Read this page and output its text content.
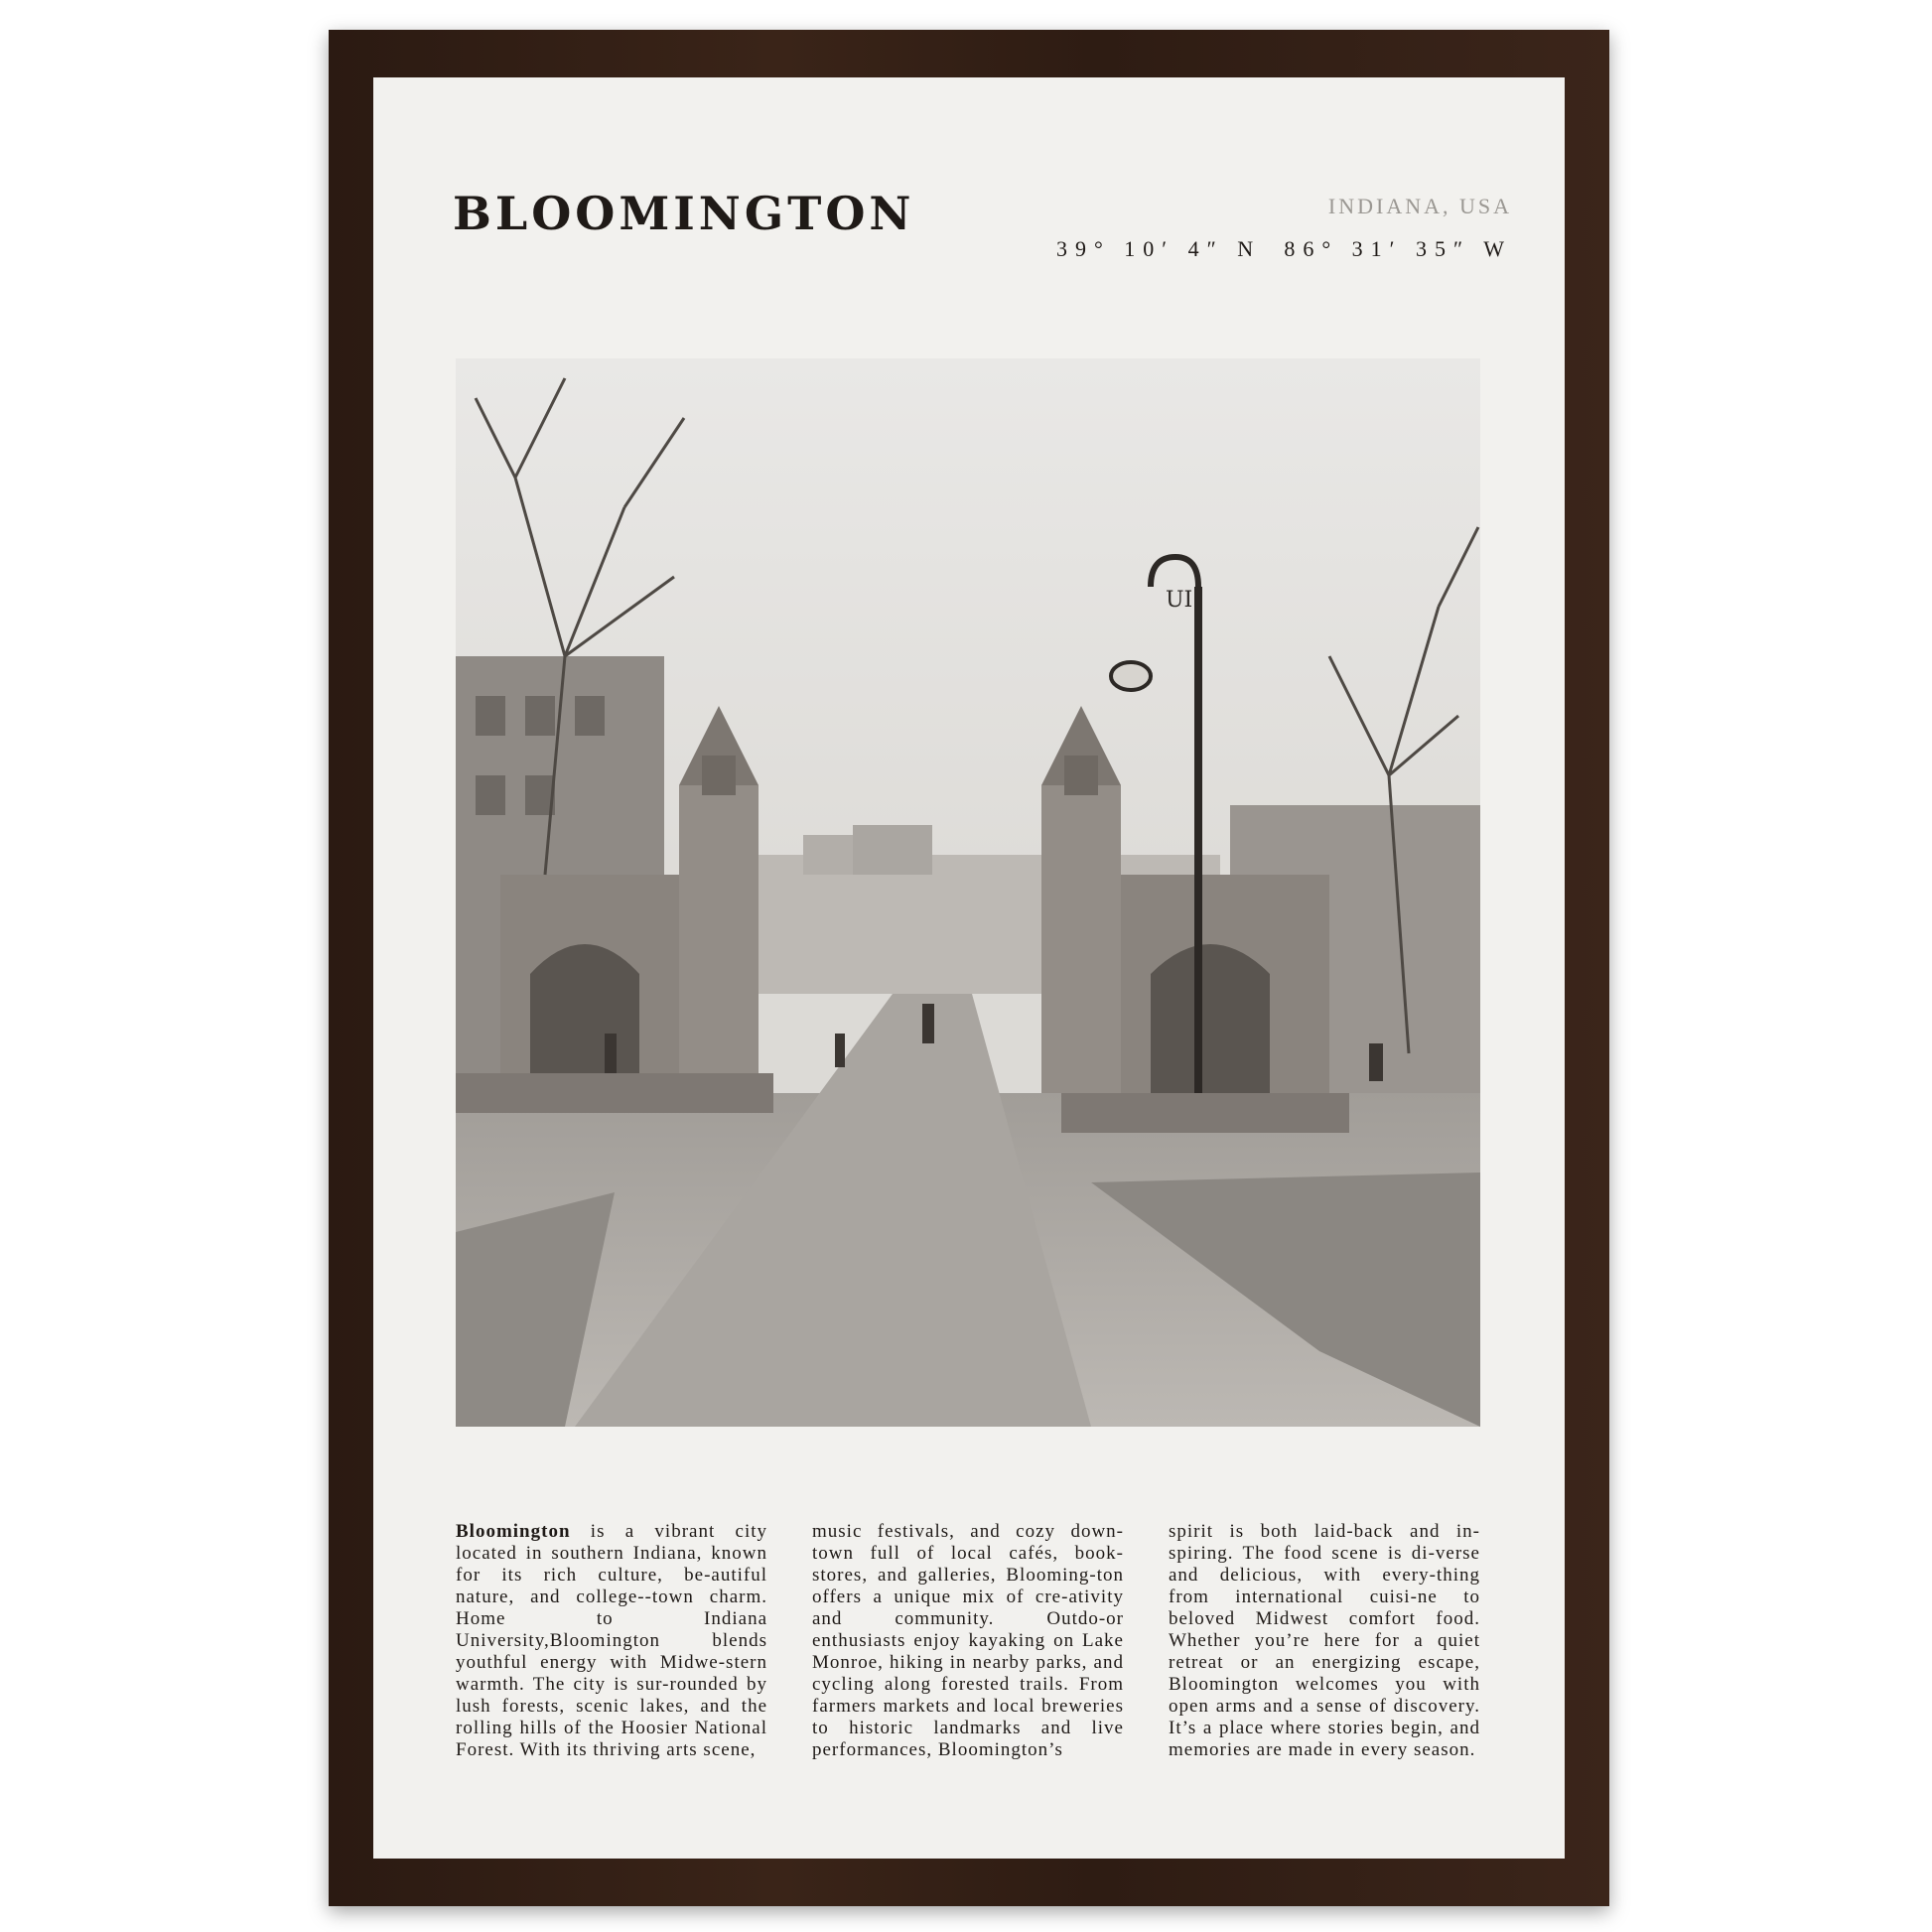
BLOOMINGTON	INDIANA, USA
39° 10′ 4″ N 86° 31′ 35″ W
UI

Bloomington is a vibrant city located in southern Indiana, known for its rich culture, be-autiful nature, and college--town charm. Home to Indiana University,Bloomington blends youthful energy with Midwe-stern warmth. The city is sur-rounded by lush forests, scenic lakes, and the rolling hills of the Hoosier National Forest. With its thriving arts scene,

music festivals, and cozy down-town full of local cafés, book-stores, and galleries, Blooming-ton offers a unique mix of cre-ativity and community. Outdo-or enthusiasts enjoy kayaking on Lake Monroe, hiking in nearby parks, and cycling along forested trails. From farmers markets and local breweries to historic landmarks and live performances, Bloomington’s

spirit is both laid-back and in-spiring. The food scene is di-verse and delicious, with every-thing from international cuisi-ne to beloved Midwest comfort food. Whether you’re here for a quiet retreat or an energizing escape, Bloomington welcomes you with open arms and a sense of discovery. It’s a place where stories begin, and memories are made in every season.
